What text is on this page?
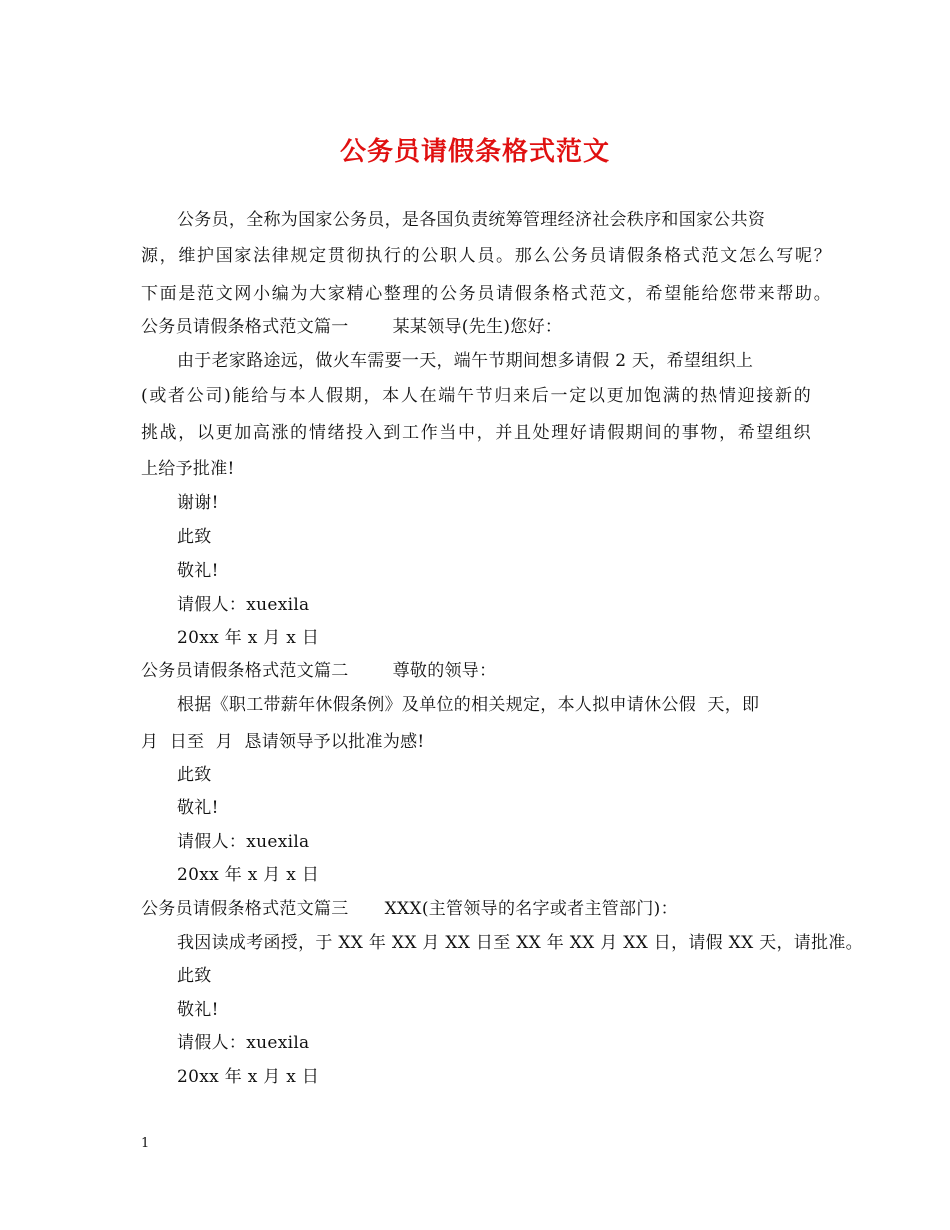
公务员请假条格式范文
公务员，全称为国家公务员，是各国负责统筹管理经济社会秩序和国家公共资
源，维护国家法律规定贯彻执行的公职人员。那么公务员请假条格式范文怎么写呢？
下面是范文网小编为大家精心整理的公务员请假条格式范文，希望能给您带来帮助。
公务员请假条格式范文篇一	某某领导(先生)您好：
由于老家路途远，做火车需要一天，端午节期间想多请假 2 天，希望组织上
(或者公司)能给与本人假期，本人在端午节归来后一定以更加饱满的热情迎接新的
挑战，以更加高涨的情绪投入到工作当中，并且处理好请假期间的事物，希望组织
上给予批准!
谢谢!
此致
敬礼!
请假人：xuexila
20xx 年 x 月 x 日
公务员请假条格式范文篇二	尊敬的领导：
根据《职工带薪年休假条例》及单位的相关规定，本人拟申请休公假  天，即
月  日至  月  恳请领导予以批准为感!
此致
敬礼!
请假人：xuexila
20xx 年 x 月 x 日
公务员请假条格式范文篇三 XXX(主管领导的名字或者主管部门)：
我因读成考函授，于 XX 年 XX 月 XX 日至 XX 年 XX 月 XX 日，请假 XX 天，请批准。
此致
敬礼!
请假人：xuexila
20xx 年 x 月 x 日
1
